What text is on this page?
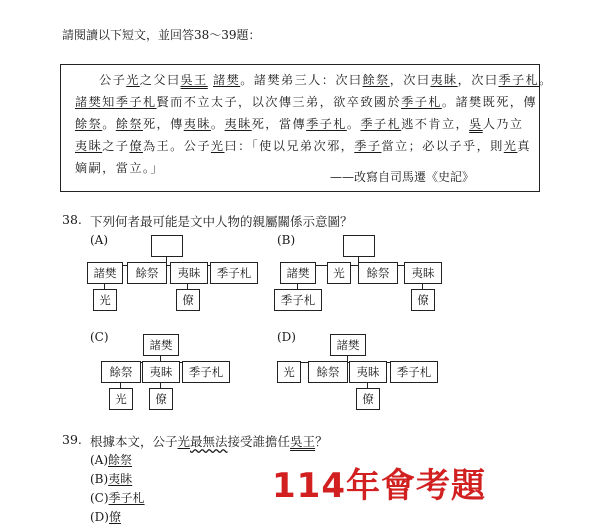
請閱讀以下短文，並回答38～39題：
公子光之父曰吳王 諸樊。諸樊弟三人：次曰餘祭，次曰夷眛，次曰季子札。
諸樊知季子札賢而不立太子，以次傳三弟，欲卒致國於季子札。諸樊既死，傳
餘祭。餘祭死，傳夷眛。夷眛死，當傳季子札。季子札逃不肯立，吳人乃立
夷眛之子僚為王。公子光曰：「使以兄弟次邪，季子當立；必以子乎，則光真
嫡嗣，當立。」
——改寫自司馬遷《史記》
38. 下列何者最可能是文中人物的親屬關係示意圖？
(A)
諸樊	餘祭	夷眛	季子札
光	僚
(B)
諸樊	光	餘祭	夷眛
季子札	僚
(C)
諸樊
餘祭	夷眛	季子札
光	僚
(D)
諸樊
光	餘祭	夷眛	季子札
僚
39. 根據本文，公子光最無法接受誰擔任吳王？
(A)餘祭
(B)夷眛
(C)季子札
(D)僚
114年會考題
